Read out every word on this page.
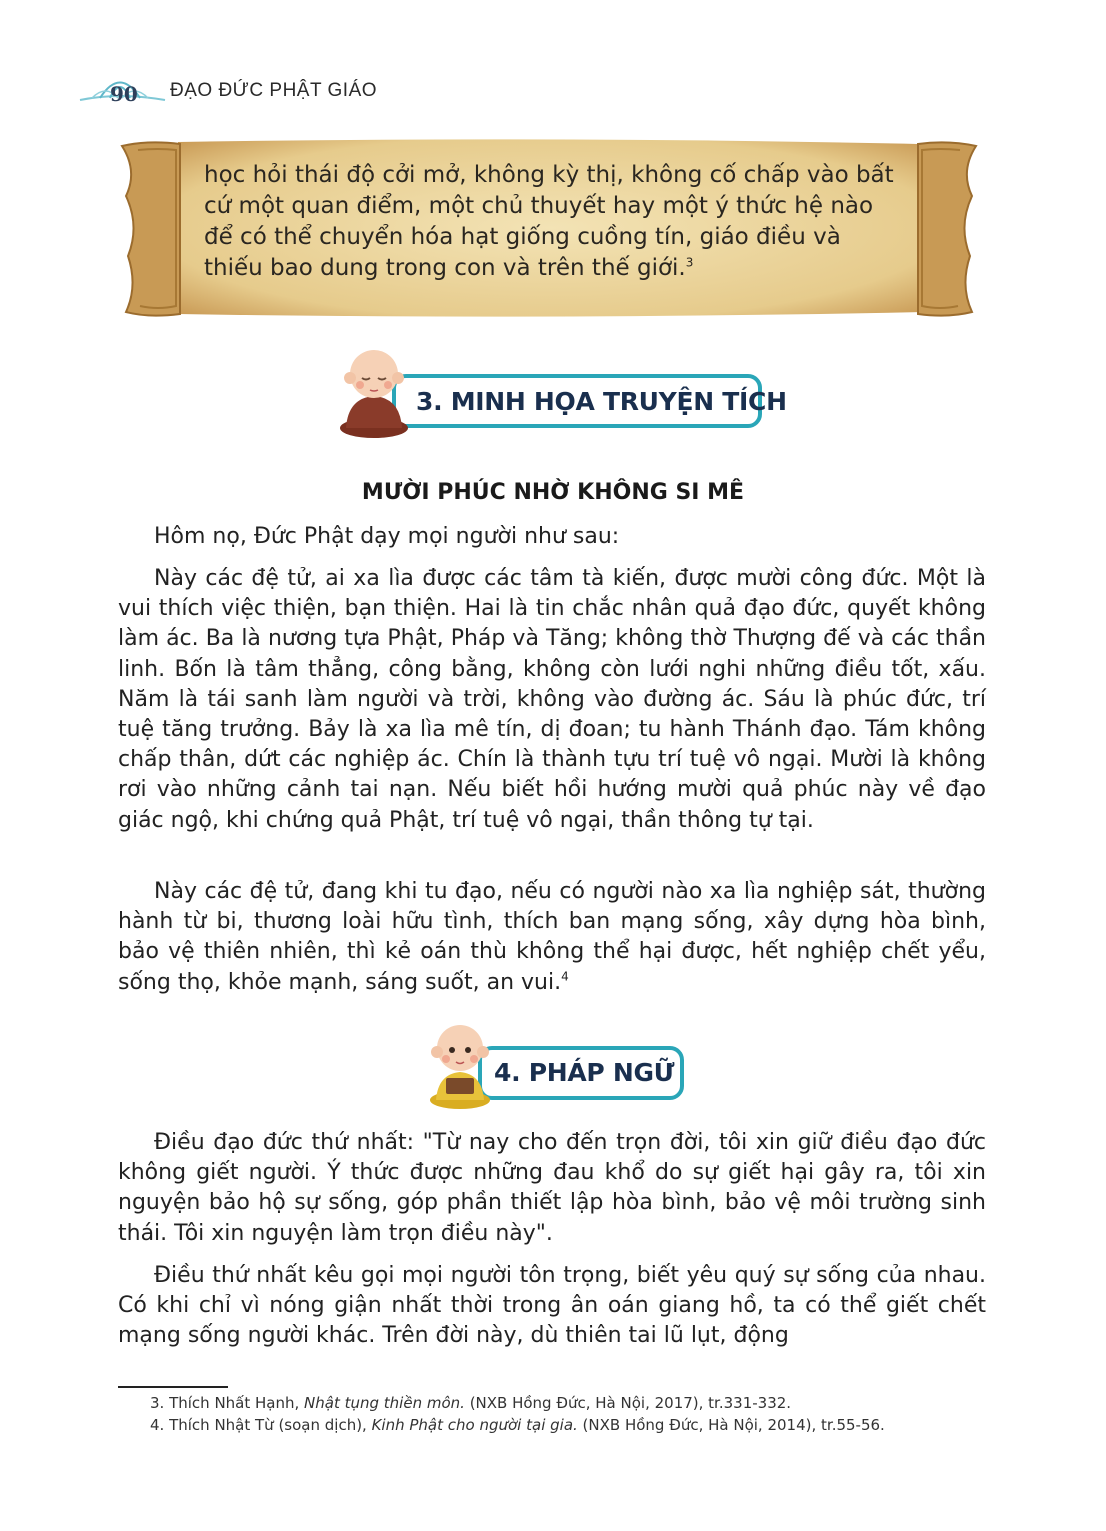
90 ĐẠO ĐỨC PHẬT GIÁO
học hỏi thái độ cởi mở, không kỳ thị, không cố chấp vào bất cứ một quan điểm, một chủ thuyết hay một ý thức hệ nào để có thể chuyển hóa hạt giống cuồng tín, giáo điều và thiếu bao dung trong con và trên thế giới.$^3$
3. MINH HỌA TRUYỆN TÍCH
MƯỜI PHÚC NHỜ KHÔNG SI MÊ
Hôm nọ, Đức Phật dạy mọi người như sau:
Này các đệ tử, ai xa lìa được các tâm tà kiến, được mười công đức. Một là vui thích việc thiện, bạn thiện. Hai là tin chắc nhân quả đạo đức, quyết không làm ác. Ba là nương tựa Phật, Pháp và Tăng; không thờ Thượng đế và các thần linh. Bốn là tâm thẳng, công bằng, không còn lưới nghi những điều tốt, xấu. Năm là tái sanh làm người và trời, không vào đường ác. Sáu là phúc đức, trí tuệ tăng trưởng. Bảy là xa lìa mê tín, dị đoan; tu hành Thánh đạo. Tám không chấp thân, dứt các nghiệp ác. Chín là thành tựu trí tuệ vô ngại. Mười là không rơi vào những cảnh tai nạn. Nếu biết hồi hướng mười quả phúc này về đạo giác ngộ, khi chứng quả Phật, trí tuệ vô ngại, thần thông tự tại.
Này các đệ tử, đang khi tu đạo, nếu có người nào xa lìa nghiệp sát, thường hành từ bi, thương loài hữu tình, thích ban mạng sống, xây dựng hòa bình, bảo vệ thiên nhiên, thì kẻ oán thù không thể hại được, hết nghiệp chết yểu, sống thọ, khỏe mạnh, sáng suốt, an vui.$^4$
4. PHÁP NGỮ
Điều đạo đức thứ nhất: "Từ nay cho đến trọn đời, tôi xin giữ điều đạo đức không giết người. Ý thức được những đau khổ do sự giết hại gây ra, tôi xin nguyện bảo hộ sự sống, góp phần thiết lập hòa bình, bảo vệ môi trường sinh thái. Tôi xin nguyện làm trọn điều này".
Điều thứ nhất kêu gọi mọi người tôn trọng, biết yêu quý sự sống của nhau. Có khi chỉ vì nóng giận nhất thời trong ân oán giang hồ, ta có thể giết chết mạng sống người khác. Trên đời này, dù thiên tai lũ lụt, động
3. Thích Nhất Hạnh, Nhật tụng thiền môn. (NXB Hồng Đức, Hà Nội, 2017), tr.331-332.
4. Thích Nhật Từ (soạn dịch), Kinh Phật cho người tại gia. (NXB Hồng Đức, Hà Nội, 2014), tr.55-56.
